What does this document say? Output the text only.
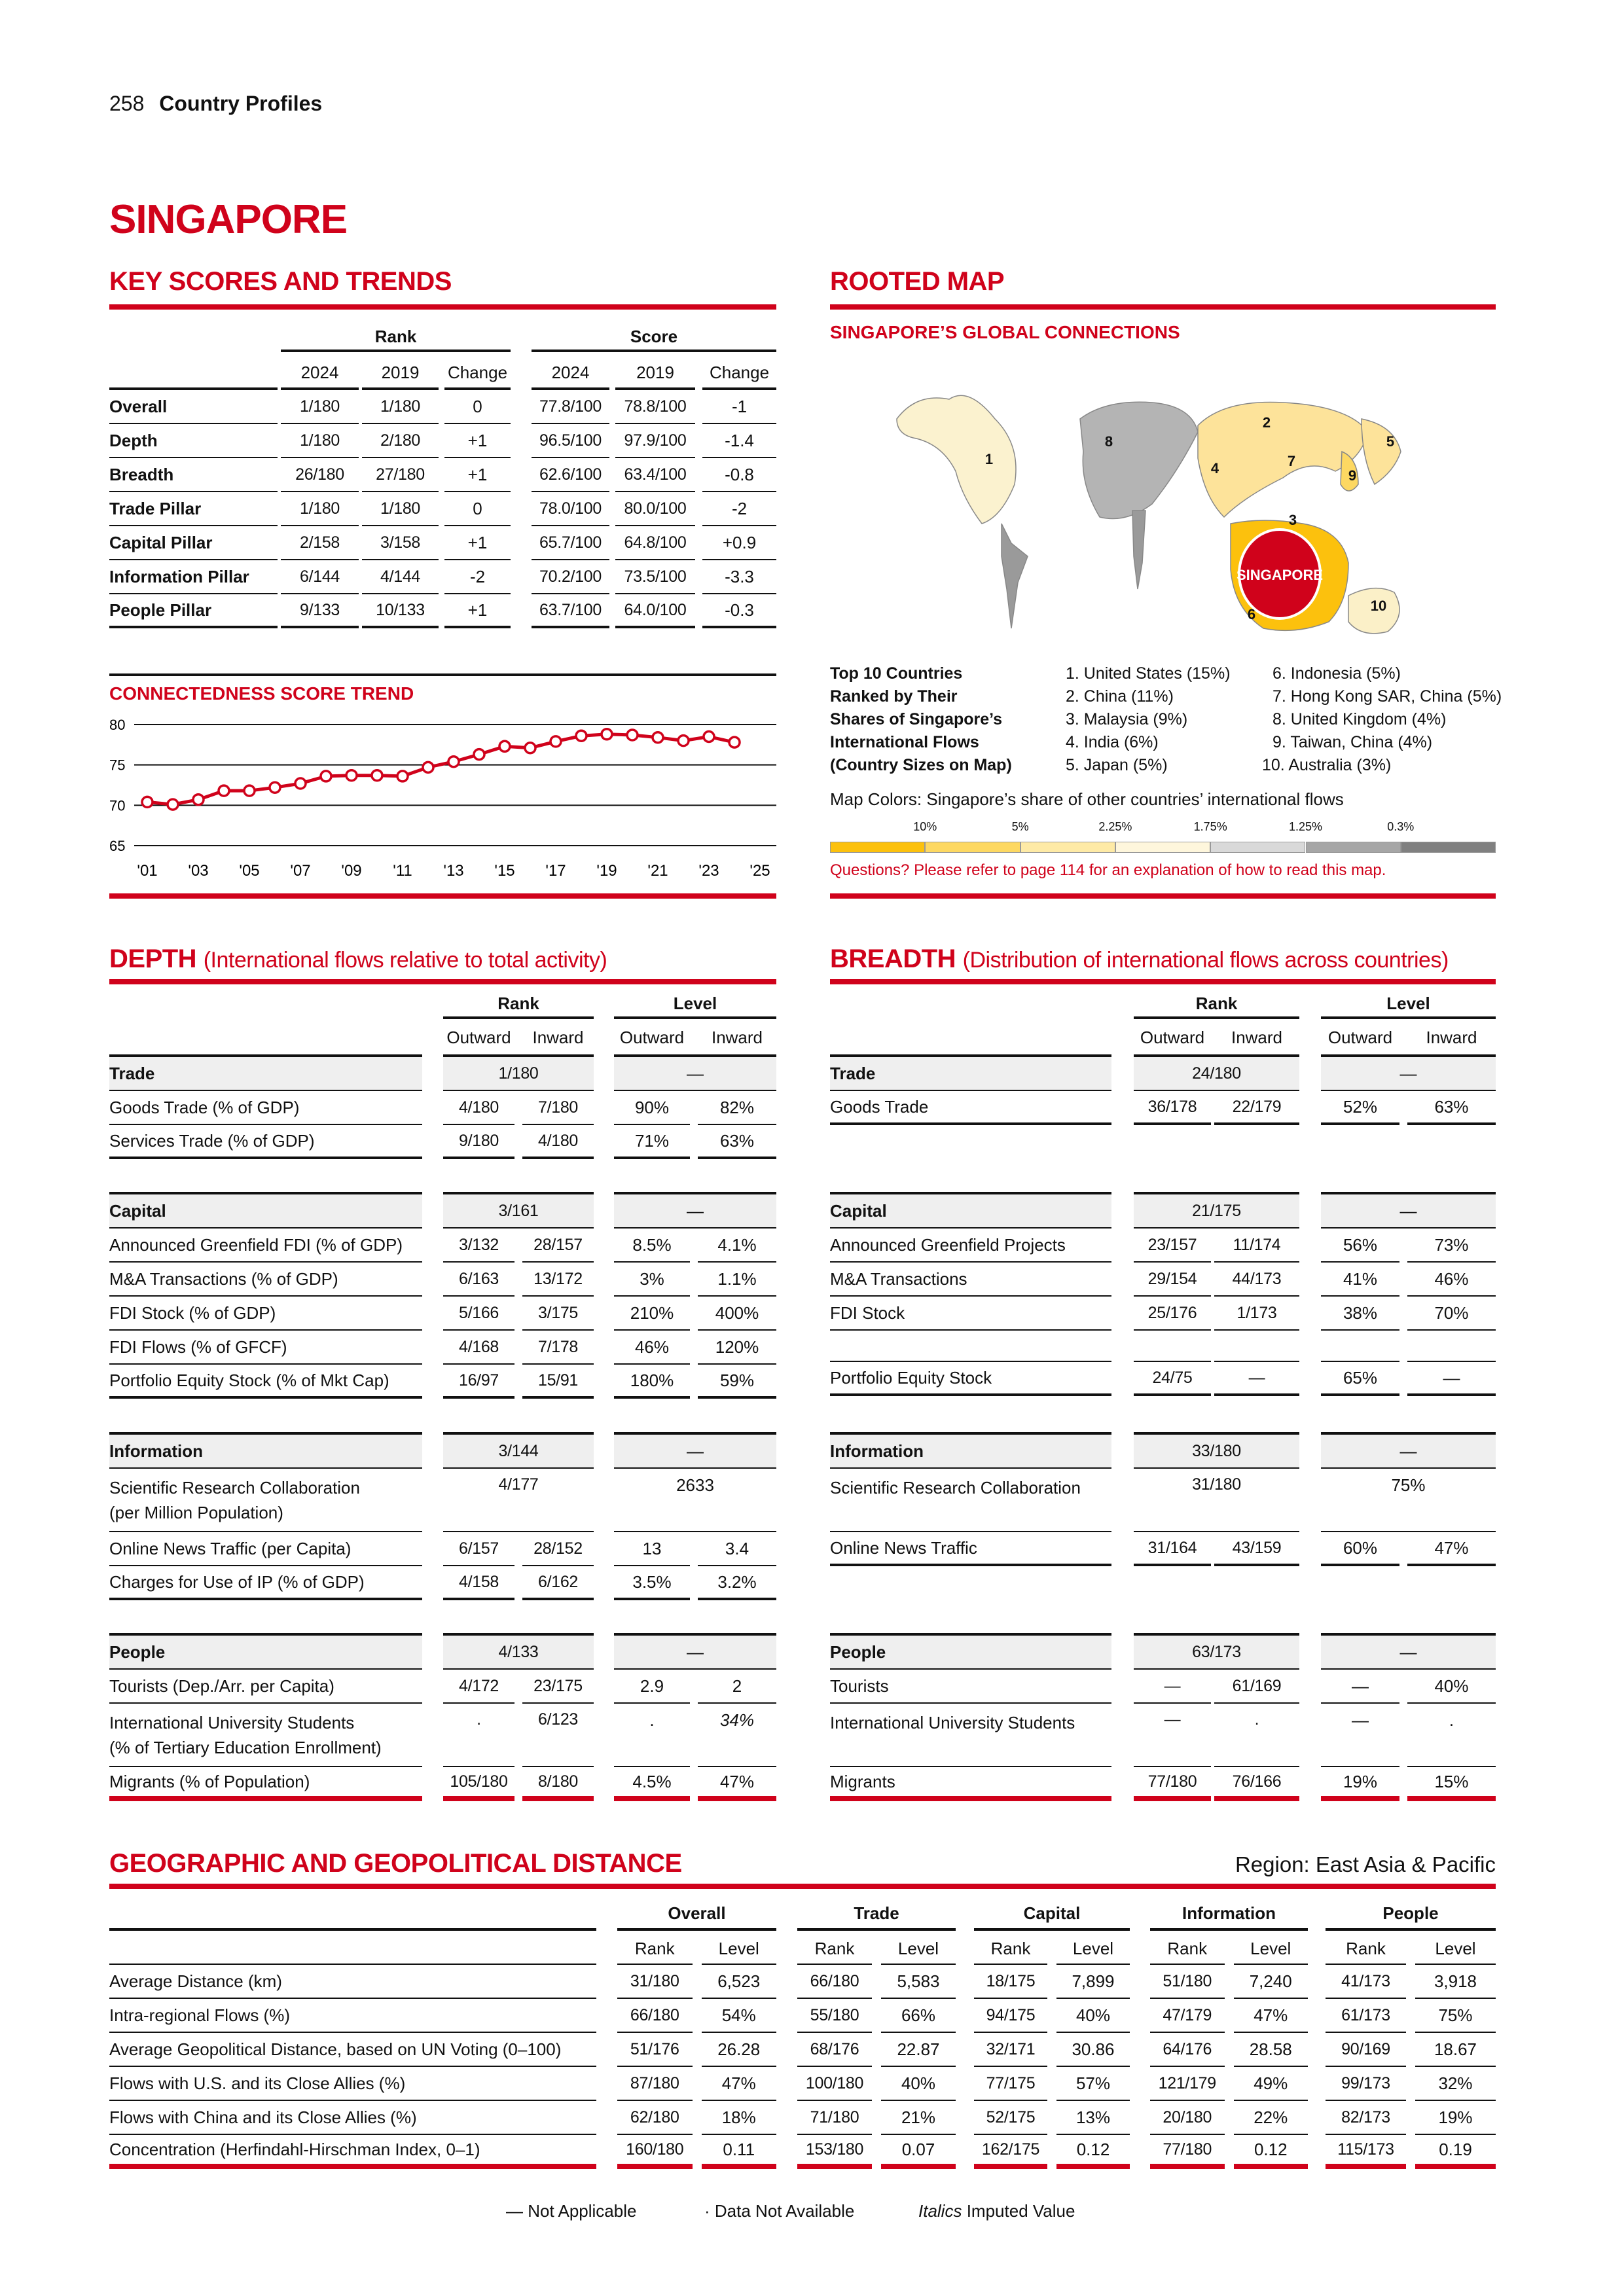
258 Country Profiles
SINGAPORE
KEY SCORES AND TRENDS
CONNECTEDNESS SCORE TREND
65
70
75
80
'01 '03 '05 '07 '09 '11 '13 '15 '17 '19 '21 '23 '25
ROOTED MAP
SINGAPORE’S GLOBAL CONNECTIONS
SINGAPORE
1
2
3
4
5
6
7
8
9
10
Map Colors: Singapore’s share of other countries’ international flows
Questions? Please refer to page 114 for an explanation of how to read this map.
DEPTH (International flows relative to total activity)	BREADTH (Distribution of international flows across countries)
GEOGRAPHIC AND GEOPOLITICAL DISTANCE	Region: East Asia & Pacific
— Not Applicable	· Data Not Available	Italics Imputed Value
Rank	Score
2024	2019	Change	2024	2019	Change
Overall	1/180	1/180	0	77.8/100	78.8/100	-1
Depth	1/180	2/180	+1	96.5/100	97.9/100	-1.4
Breadth	26/180	27/180	+1	62.6/100	63.4/100	-0.8
Trade Pillar	1/180	1/180	0	78.0/100	80.0/100	-2
Capital Pillar	2/158	3/158	+1	65.7/100	64.8/100	+0.9
Information Pillar	6/144	4/144	-2	70.2/100	73.5/100	-3.3
People Pillar	9/133	10/133	+1	63.7/100	64.0/100	-0.3
Rank	Level
Outward	Inward	Outward	Inward
Trade	1/180	—
Goods Trade (% of GDP)	4/180	7/180	90%	82%
Services Trade (% of GDP)	9/180	4/180	71%	63%
Capital	3/161	—
Announced Greenfield FDI (% of GDP)	3/132	28/157	8.5%	4.1%
M&A Transactions (% of GDP)	6/163	13/172	3%	1.1%
FDI Stock (% of GDP)	5/166	3/175	210%	400%
FDI Flows (% of GFCF)	4/168	7/178	46%	120%
Portfolio Equity Stock (% of Mkt Cap)	16/97	15/91	180%	59%
Information	3/144	—
Scientific Research Collaboration
(per Million Population)
4/177	2633
Online News Traffic (per Capita)	6/157	28/152	13	3.4
Charges for Use of IP (% of GDP)	4/158	6/162	3.5%	3.2%
People	4/133	—
Tourists (Dep./Arr. per Capita)	4/172	23/175	2.9	2
International University Students
(% of Tertiary Education Enrollment)
.	6/123	.	34%
Migrants (% of Population)	105/180	8/180	4.5%	47%
Rank	Level
Outward	Inward	Outward	Inward
Trade	24/180	—
Goods Trade	36/178	22/179	52%	63%
Capital	21/175	—
Announced Greenfield Projects	23/157	11/174	56%	73%
M&A Transactions	29/154	44/173	41%	46%
FDI Stock	25/176	1/173	38%	70%
Portfolio Equity Stock	24/75	—	65%	—
Information	33/180	—
Scientific Research Collaboration	31/180	75%
Online News Traffic	31/164	43/159	60%	47%
People	63/173	—
Tourists	—	61/169	—	40%
International University Students	—	.	—	.
Migrants	77/180	76/166	19%	15%
Overall
Rank	Level
Trade
Rank	Level
Capital
Rank	Level
Information
Rank	Level
People
Rank	Level
Average Distance (km)	31/180	6,523	66/180	5,583	18/175	7,899	51/180	7,240	41/173	3,918
Intra-regional Flows (%)	66/180	54%	55/180	66%	94/175	40%	47/179	47%	61/173	75%
Average Geopolitical Distance, based on UN Voting (0–100)	51/176	26.28	68/176	22.87	32/171	30.86	64/176	28.58	90/169	18.67
Flows with U.S. and its Close Allies (%)	87/180	47%	100/180	40%	77/175	57%	121/179	49%	99/173	32%
Flows with China and its Close Allies (%)	62/180	18%	71/180	21%	52/175	13%	20/180	22%	82/173	19%
Concentration (Herfindahl-Hirschman Index, 0–1)	160/180	0.11	153/180	0.07	162/175	0.12	77/180	0.12	115/173	0.19
Top 10 Countries
Ranked by Their
Shares of Singapore’s
International Flows
(Country Sizes on Map)
1. United States (15%)
2. China (11%)
3. Malaysia (9%)
4. India (6%)
5. Japan (5%)
6. Indonesia (5%)
7. Hong Kong SAR, China (5%)
8. United Kingdom (4%)
9. Taiwan, China (4%)
10. Australia (3%)
10%	5%	2.25%	1.75%	1.25%	0.3%
